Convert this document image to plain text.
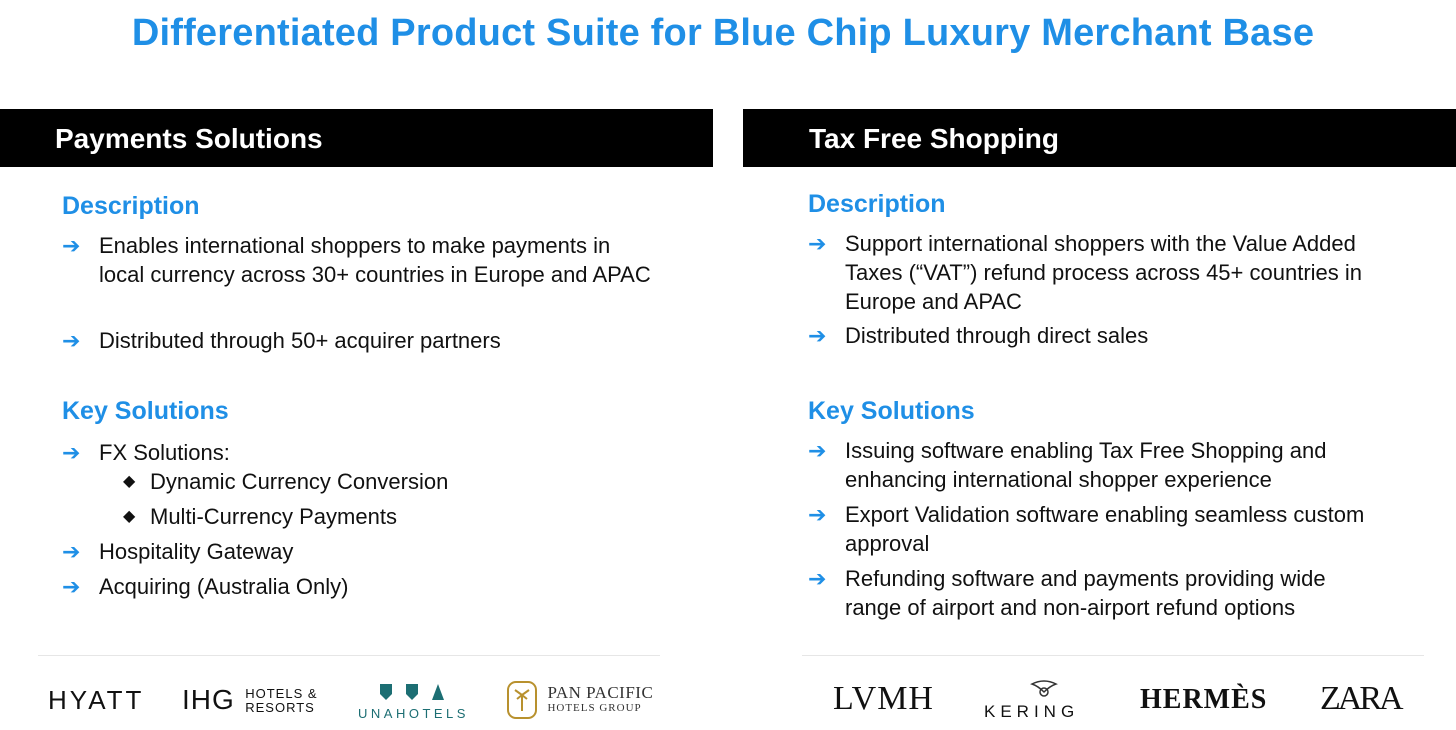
Differentiated Product Suite for Blue Chip Luxury Merchant Base
Payments Solutions
Description
➔ Enables international shoppers to make payments in local currency across 30+ countries in Europe and APAC
➔ Distributed through 50+ acquirer partners
Key Solutions
➔ FX Solutions:
◆ Dynamic Currency Conversion
◆ Multi-Currency Payments
➔ Hospitality Gateway
➔ Acquiring (Australia Only)
Tax Free Shopping
Description
➔ Support international shoppers with the Value Added Taxes (“VAT”) refund process across 45+ countries in Europe and APAC
➔ Distributed through direct sales
Key Solutions
➔ Issuing software enabling Tax Free Shopping and enhancing international shopper experience
➔ Export Validation software enabling seamless custom approval
➔ Refunding software and payments providing wide range of airport and non-airport refund options
HYATT IHG HOTELS &
RESORTS	UNAHOTELS

PAN PACIFIC
HOTELS GROUP	LVMH	KERING HERMÈS ZARA
